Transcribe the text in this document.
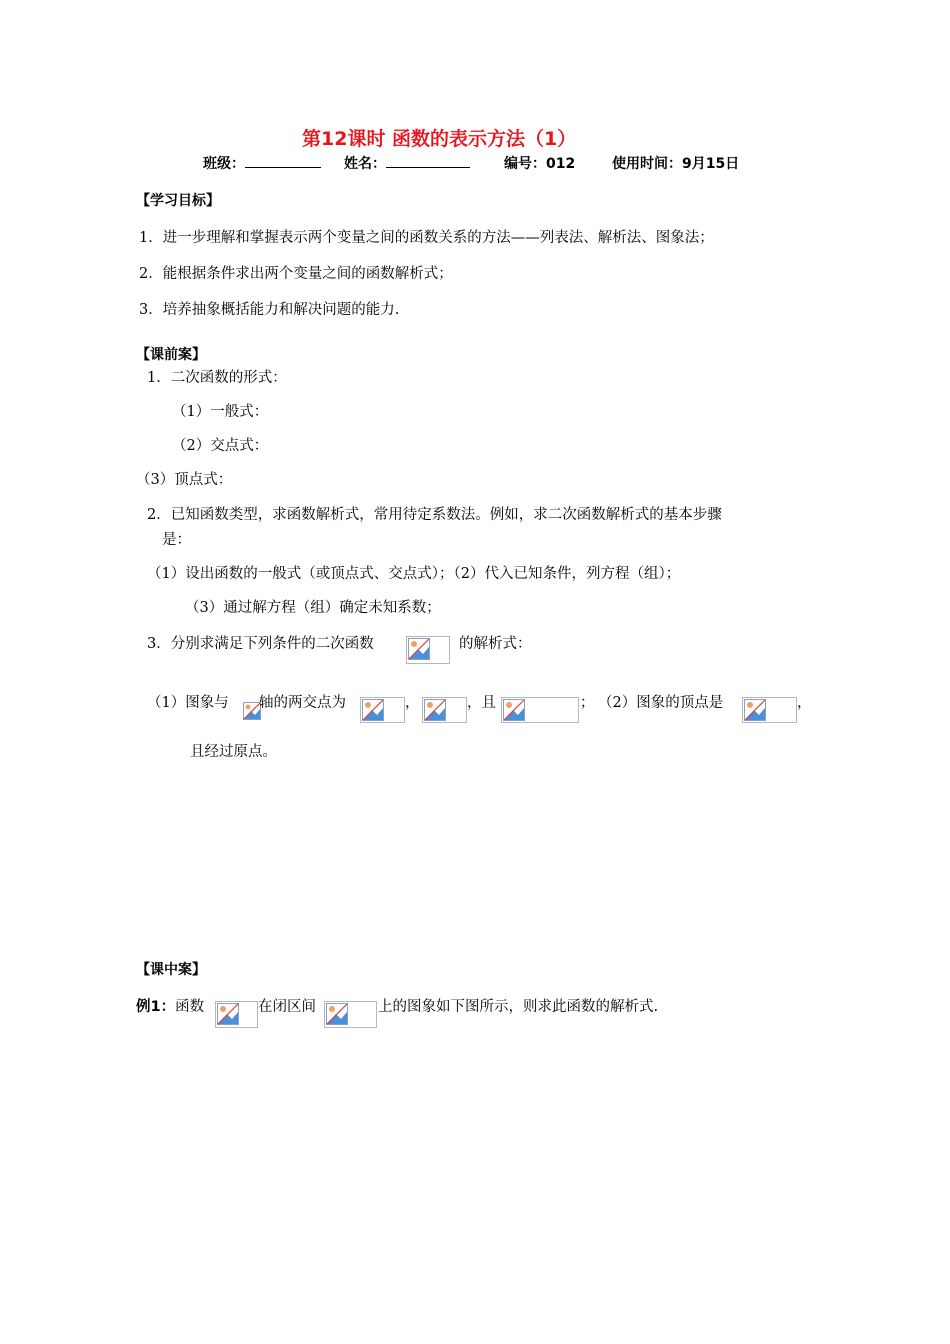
第12课时 函数的表示方法（1）
班级：	姓名：	编号：012	使用时间：9月15日
【学习目标】
1．进一步理解和掌握表示两个变量之间的函数关系的方法——列表法、解析法、图象法；
2．能根据条件求出两个变量之间的函数解析式；
3．培养抽象概括能力和解决问题的能力.
【课前案】
1．二次函数的形式：
（1）一般式：
（2）交点式：
（3）顶点式：
2．已知函数类型，求函数解析式，常用待定系数法。例如，求二次函数解析式的基本步骤
是：
（1）设出函数的一般式（或顶点式、交点式）；（2）代入已知条件，列方程（组）；
（3）通过解方程（组）确定未知系数；
3．分别求满足下列条件的二次函数	的解析式：
（1）图象与 轴的两交点为	，	，且	； （2）图象的顶点是	，
且经过原点。
【课中案】
例1：函数	在闭区间	上的图象如下图所示，则求此函数的解析式.
